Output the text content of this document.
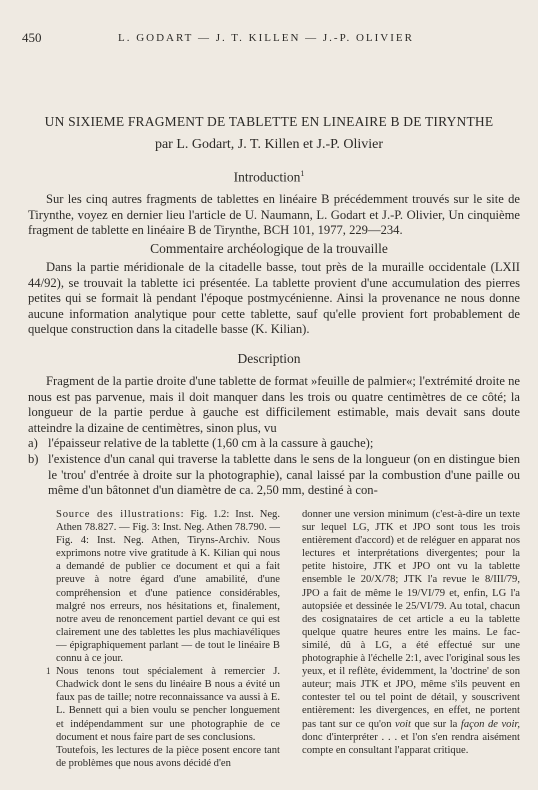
450	L. GODART — J. T. KILLEN — J.-P. OLIVIER
UN SIXIEME FRAGMENT DE TABLETTE EN LINEAIRE B DE TIRYNTHE
par L. Godart, J. T. Killen et J.-P. Olivier
Introduction$^1$
Sur les cinq autres fragments de tablettes en linéaire B précédemment trouvés sur le site de Tirynthe, voyez en dernier lieu l'article de U. Naumann, L. Godart et J.-P. Olivier, Un cinquième fragment de tablette en linéaire B de Tirynthe, BCH 101, 1977, 229—234.
Commentaire archéologique de la trouvaille
Dans la partie méridionale de la citadelle basse, tout près de la muraille occidentale (LXII 44/92), se trouvait la tablette ici présentée. La tablette provient d'une accumulation des pierres petites qui se formait là pendant l'époque postmycénienne. Ainsi la provenance ne nous donne aucune information analytique pour cette tablette, sauf qu'elle provient fort probablement de quelque construction dans la citadelle basse (K. Kilian).
Description
Fragment de la partie droite d'une tablette de format »feuille de palmier«; l'extrémité droite ne nous est pas parvenue, mais il doit manquer dans les trois ou quatre centimètres de ce côté; la longueur de la partie perdue à gauche est difficilement estimable, mais devait sans doute atteindre la dizaine de centimètres, sinon plus, vu
a) l'épaisseur relative de la tablette (1,60 cm à la cassure à gauche);
b) l'existence d'un canal qui traverse la tablette dans le sens de la longueur (on en distingue bien le 'trou' d'entrée à droite sur la photographie), canal laissé par la combustion d'une paille ou même d'un bâtonnet d'un diamètre de ca. 2,50 mm, destiné à con-
Source des illustrations: Fig. 1.2: Inst. Neg. Athen 78.827. — Fig. 3: Inst. Neg. Athen 78.790. —Fig. 4: Inst. Neg. Athen, Tiryns-Archiv. Nous exprimons notre vive gratitude à K. Kilian qui nous a demandé de publier ce document et qui a fait preuve à notre égard d'une amabilité, d'une compréhension et d'une patience considérables, malgré nos erreurs, nos hésitations et, finalement, notre aveu de renoncement partiel devant ce qui est clairement une des tablettes les plus machiavéliques — épigraphiquement parlant — de tout le linéaire B connu à ce jour.
1 Nous tenons tout spécialement à remercier J. Chadwick dont le sens du linéaire B nous a évité un faux pas de taille; notre reconnaissance va aussi à E. L. Bennett qui a bien voulu se pencher longuement et indépendamment sur une photographie de ce document et nous faire part de ses conclusions.
Toutefois, les lectures de la pièce posent encore tant de problèmes que nous avons décidé d'en
donner une version minimum (c'est-à-dire un texte sur lequel LG, JTK et JPO sont tous les trois entièrement d'accord) et de reléguer en apparat nos lectures et interprétations divergentes; pour la petite histoire, JTK et JPO ont vu la tablette ensemble le 20/X/78; JTK l'a revue le 8/III/79, JPO a fait de même le 19/VI/79 et, enfin, LG l'a autopsiée et dessinée le 25/VI/79. Au total, chacun des cosignataires de cet article a eu la tablette quelque quatre heures entre les mains. Le fac-similé, dû à LG, a été effectué sur une photographie à l'échelle 2:1, avec l'original sous les yeux, et il reflète, évidemment, la 'doctrine' de son auteur; mais JTK et JPO, même s'ils peuvent en contester tel ou tel point de détail, y souscrivent entièrement: les divergences, en effet, ne portent pas tant sur ce qu'on voit que sur la façon de voir, donc d'interpréter . . . et l'on s'en rendra aisément compte en consultant l'apparat critique.
